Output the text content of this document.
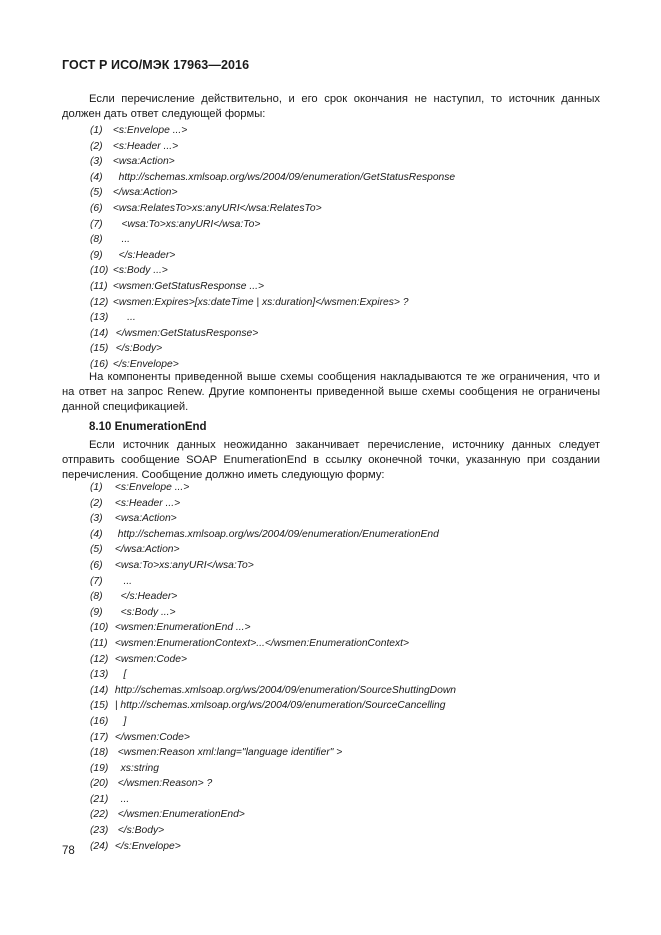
ГОСТ Р ИСО/МЭК 17963—2016
Если перечисление действительно, и его срок окончания не наступил, то источник данных должен дать ответ следующей формы:
(1) <s:Envelope ...>
(2) <s:Header ...>
(3) <wsa:Action>
(4)   http://schemas.xmlsoap.org/ws/2004/09/enumeration/GetStatusResponse
(5) </wsa:Action>
(6) <wsa:RelatesTo>xs:anyURI</wsa:RelatesTo>
(7)    <wsa:To>xs:anyURI</wsa:To>
(8)    ...
(9)   </s:Header>
(10) <s:Body ...>
(11) <wsmen:GetStatusResponse ...>
(12) <wsmen:Expires>[xs:dateTime | xs:duration]</wsmen:Expires> ?
(13)      ...
(14)  </wsmen:GetStatusResponse>
(15)  </s:Body>
(16) </s:Envelope>
На компоненты приведенной выше схемы сообщения накладываются те же ограничения, что и на ответ на запрос Renew. Другие компоненты приведенной выше схемы сообщения не ограничены данной спецификацией.
8.10 EnumerationEnd
Если источник данных неожиданно заканчивает перечисление, источнику данных следует отправить сообщение SOAP EnumerationEnd в ссылку оконечной точки, указанную при создании перечисления. Сообщение должно иметь следующую форму:
(1) <s:Envelope ...>
(2) <s:Header ...>
(3) <wsa:Action>
(4)  http://schemas.xmlsoap.org/ws/2004/09/enumeration/EnumerationEnd
(5) </wsa:Action>
(6) <wsa:To>xs:anyURI</wsa:To>
(7)    ...
(8)   </s:Header>
(9)   <s:Body ...>
(10) <wsmen:EnumerationEnd ...>
(11) <wsmen:EnumerationContext>...</wsmen:EnumerationContext>
(12) <wsmen:Code>
(13)    [
(14) http://schemas.xmlsoap.org/ws/2004/09/enumeration/SourceShuttingDown
(15) | http://schemas.xmlsoap.org/ws/2004/09/enumeration/SourceCancelling
(16)    ]
(17) </wsmen:Code>
(18)  <wsmen:Reason xml:lang="language identifier" >
(19)   xs:string
(20)  </wsmen:Reason> ?
(21)   ...
(22)  </wsmen:EnumerationEnd>
(23)  </s:Body>
(24) </s:Envelope>
78
